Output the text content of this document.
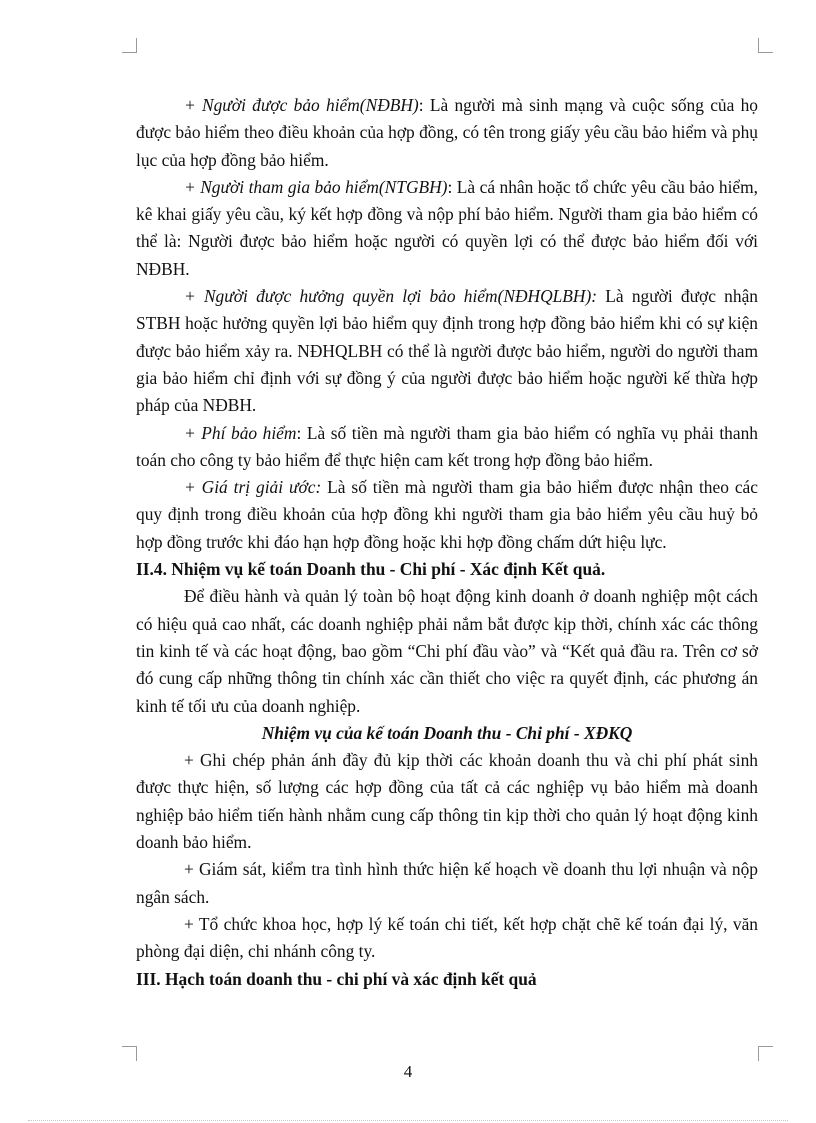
+ Người được bảo hiểm(NĐBH): Là người mà sinh mạng và cuộc sống của họ được bảo hiểm theo điều khoản của hợp đồng, có tên trong giấy yêu cầu bảo hiểm và phụ lục của hợp đồng bảo hiểm.

+ Người tham gia bảo hiểm(NTGBH): Là cá nhân hoặc tổ chức yêu cầu bảo hiểm, kê khai giấy yêu cầu, ký kết hợp đồng và nộp phí bảo hiểm. Người tham gia bảo hiểm có thể là: Người được bảo hiểm hoặc người có quyền lợi có thể được bảo hiểm đối với NĐBH.

+ Người được hưởng quyền lợi bảo hiểm(NĐHQLBH): Là người được nhận STBH hoặc hưởng quyền lợi bảo hiểm quy định trong hợp đồng bảo hiểm khi có sự kiện được bảo hiểm xảy ra. NĐHQLBH có thể là người được bảo hiểm, người do người tham gia bảo hiểm chỉ định với sự đồng ý của người được bảo hiểm hoặc người kế thừa hợp pháp của NĐBH.

+ Phí bảo hiểm: Là số tiền mà người tham gia bảo hiểm có nghĩa vụ phải thanh toán cho công ty bảo hiểm để thực hiện cam kết trong hợp đồng bảo hiểm.

+ Giá trị giải ước: Là số tiền mà người tham gia bảo hiểm được nhận theo các quy định trong điều khoản của hợp đồng khi người tham gia bảo hiểm yêu cầu huỷ bỏ hợp đồng trước khi đáo hạn hợp đồng hoặc khi hợp đồng chấm dứt hiệu lực.

II.4. Nhiệm vụ kế toán Doanh thu - Chi phí - Xác định Kết quả.

Để điều hành và quản lý toàn bộ hoạt động kinh doanh ở doanh nghiệp một cách có hiệu quả cao nhất, các doanh nghiệp phải nắm bắt được kịp thời, chính xác các thông tin kinh tế và các hoạt động, bao gồm “Chi phí đầu vào” và “Kết quả đầu ra. Trên cơ sở đó cung cấp những thông tin chính xác cần thiết cho việc ra quyết định, các phương án kinh tế tối ưu của doanh nghiệp.

Nhiệm vụ của kế toán Doanh thu - Chi phí - XĐKQ

+ Ghi chép phản ánh đầy đủ kịp thời các khoản doanh thu và chi phí phát sinh được thực hiện, số lượng các hợp đồng của tất cả các nghiệp vụ bảo hiểm mà doanh nghiệp bảo hiểm tiến hành nhằm cung cấp thông tin kịp thời cho quản lý hoạt động kinh doanh bảo hiểm.

+ Giám sát, kiểm tra tình hình thức hiện kế hoạch về doanh thu lợi nhuận và nộp ngân sách.

+ Tổ chức khoa học, hợp lý kế toán chi tiết, kết hợp chặt chẽ kế toán đại lý, văn phòng đại diện, chi nhánh công ty.

III. Hạch toán doanh thu - chi phí và xác định kết quả

4
